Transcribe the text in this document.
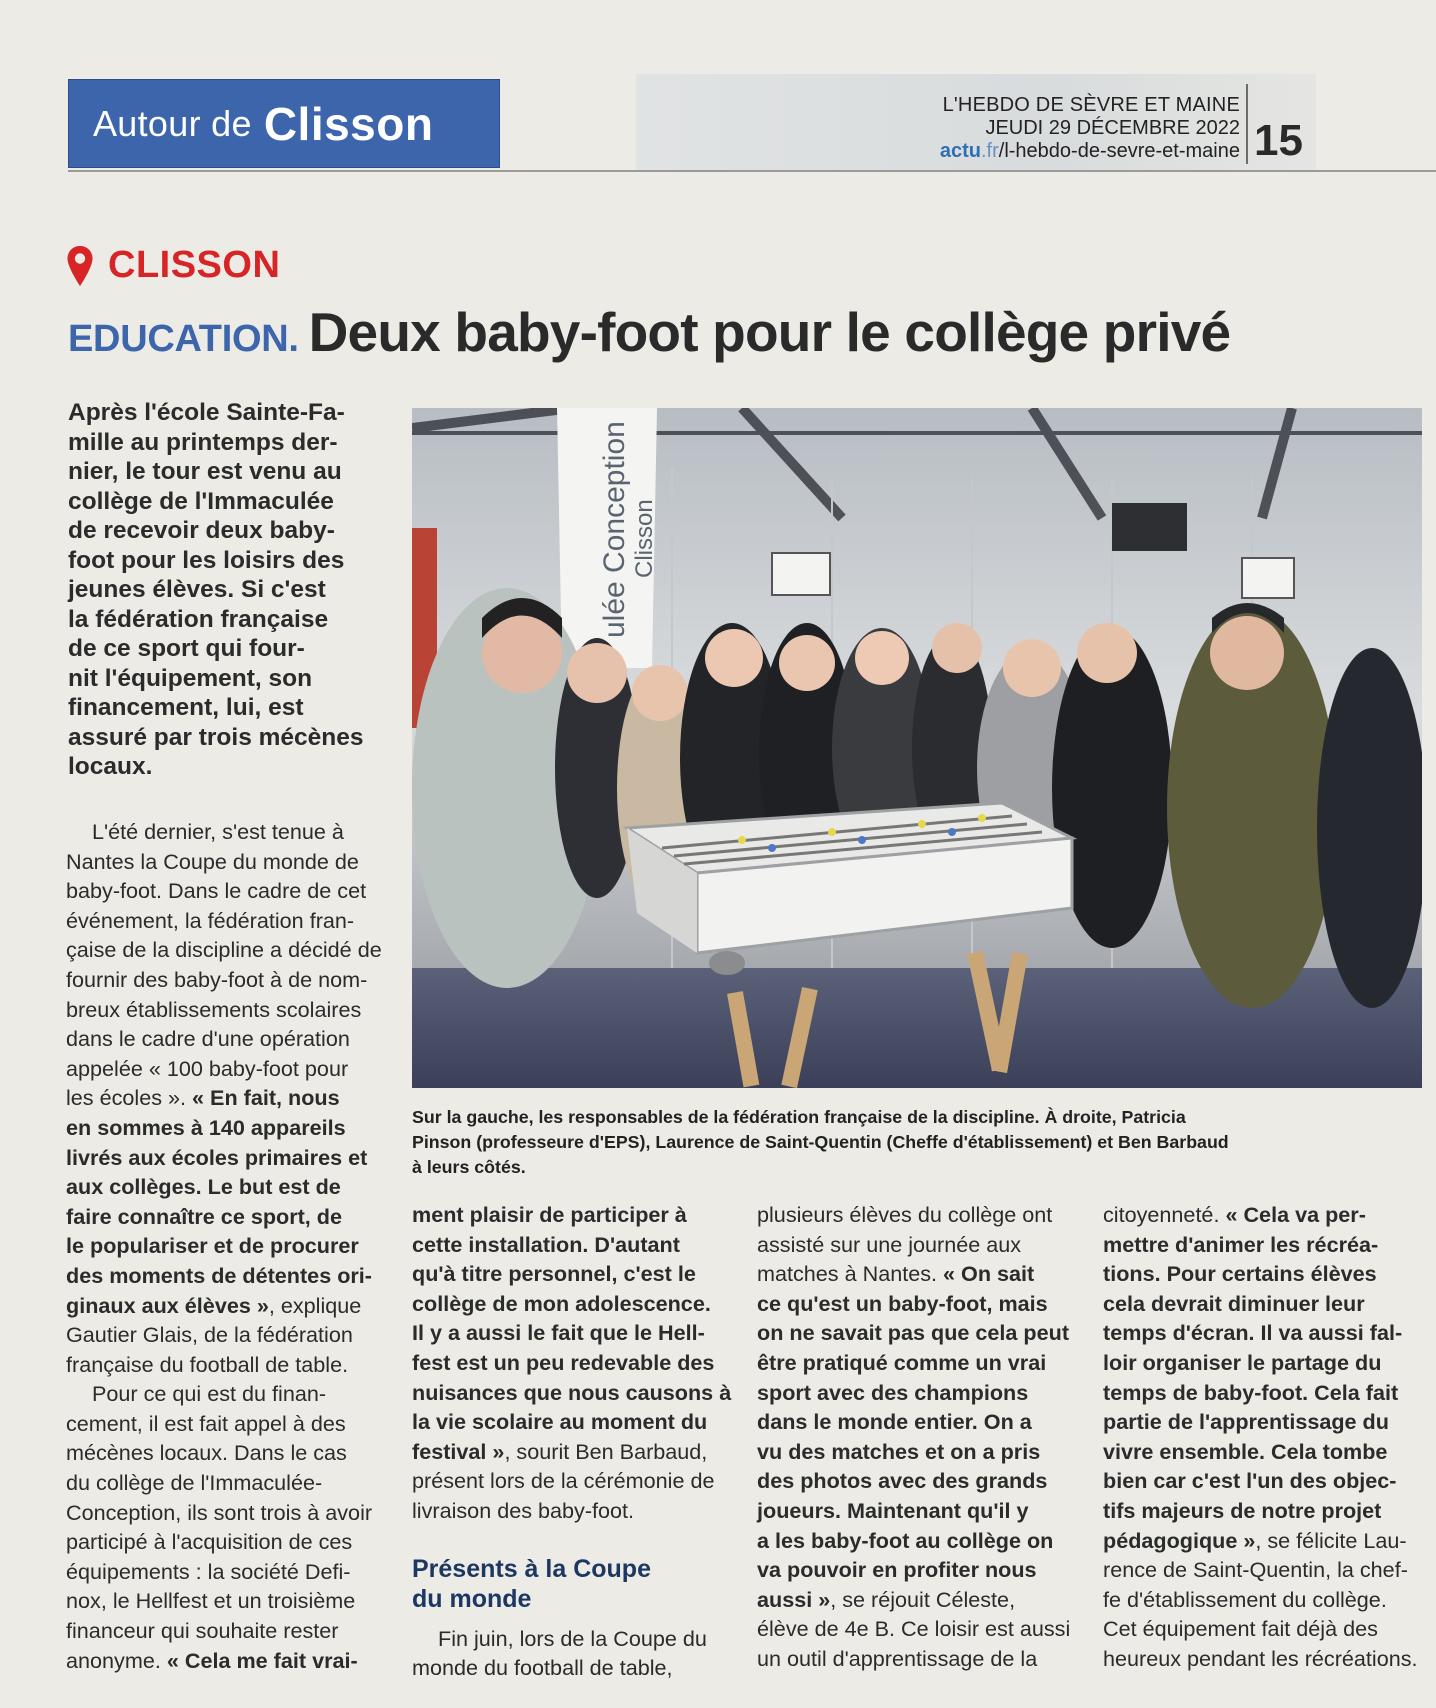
Autour de Clisson	L'HEBDO DE SÈVRE ET MAINE
JEUDI 29 DÉCEMBRE 2022
actu.fr/l-hebdo-de-sevre-et-maine 15
CLISSON
EDUCATION. Deux baby-foot pour le collège privé
Après l'école Sainte-Fa-
mille au printemps der-
nier, le tour est venu au
collège de l'Immaculée
de recevoir deux baby-
foot pour les loisirs des
jeunes élèves. Si c'est
la fédération française
de ce sport qui four-
nit l'équipement, son
financement, lui, est
assuré par trois mécènes
locaux.
L'été dernier, s'est tenue à
Nantes la Coupe du monde de
baby-foot. Dans le cadre de cet
événement, la fédération fran-
çaise de la discipline a décidé de
fournir des baby-foot à de nom-
breux établissements scolaires
dans le cadre d'une opération
appelée « 100 baby-foot pour
les écoles ». « En fait, nous
en sommes à 140 appareils
livrés aux écoles primaires et
aux collèges. Le but est de
faire connaître ce sport, de
le populariser et de procurer
des moments de détentes ori-
ginaux aux élèves », explique
Gautier Glais, de la fédération
française du football de table.
Pour ce qui est du finan-
cement, il est fait appel à des
mécènes locaux. Dans le cas
du collège de l'Immaculée-
Conception, ils sont trois à avoir
participé à l'acquisition de ces
équipements : la société Defi-
nox, le Hellfest et un troisième
financeur qui souhaite rester
anonyme. « Cela me fait vrai-
ulée Conception Clisson
Sur la gauche, les responsables de la fédération française de la discipline. À droite, Patricia
Pinson (professeure d'EPS), Laurence de Saint-Quentin (Cheffe d'établissement) et Ben Barbaud
à leurs côtés.
ment plaisir de participer à
cette installation. D'autant
qu'à titre personnel, c'est le
collège de mon adolescence.
Il y a aussi le fait que le Hell-
fest est un peu redevable des
nuisances que nous causons à
la vie scolaire au moment du
festival », sourit Ben Barbaud,
présent lors de la cérémonie de
livraison des baby-foot.
Présents à la Coupe
du monde
Fin juin, lors de la Coupe du
monde du football de table,
plusieurs élèves du collège ont
assisté sur une journée aux
matches à Nantes. « On sait
ce qu'est un baby-foot, mais
on ne savait pas que cela peut
être pratiqué comme un vrai
sport avec des champions
dans le monde entier. On a
vu des matches et on a pris
des photos avec des grands
joueurs. Maintenant qu'il y
a les baby-foot au collège on
va pouvoir en profiter nous
aussi », se réjouit Céleste,
élève de 4e B. Ce loisir est aussi
un outil d'apprentissage de la
citoyenneté. « Cela va per-
mettre d'animer les récréa-
tions. Pour certains élèves
cela devrait diminuer leur
temps d'écran. Il va aussi fal-
loir organiser le partage du
temps de baby-foot. Cela fait
partie de l'apprentissage du
vivre ensemble. Cela tombe
bien car c'est l'un des objec-
tifs majeurs de notre projet
pédagogique », se félicite Lau-
rence de Saint-Quentin, la chef-
fe d'établissement du collège.
Cet équipement fait déjà des
heureux pendant les récréations.
